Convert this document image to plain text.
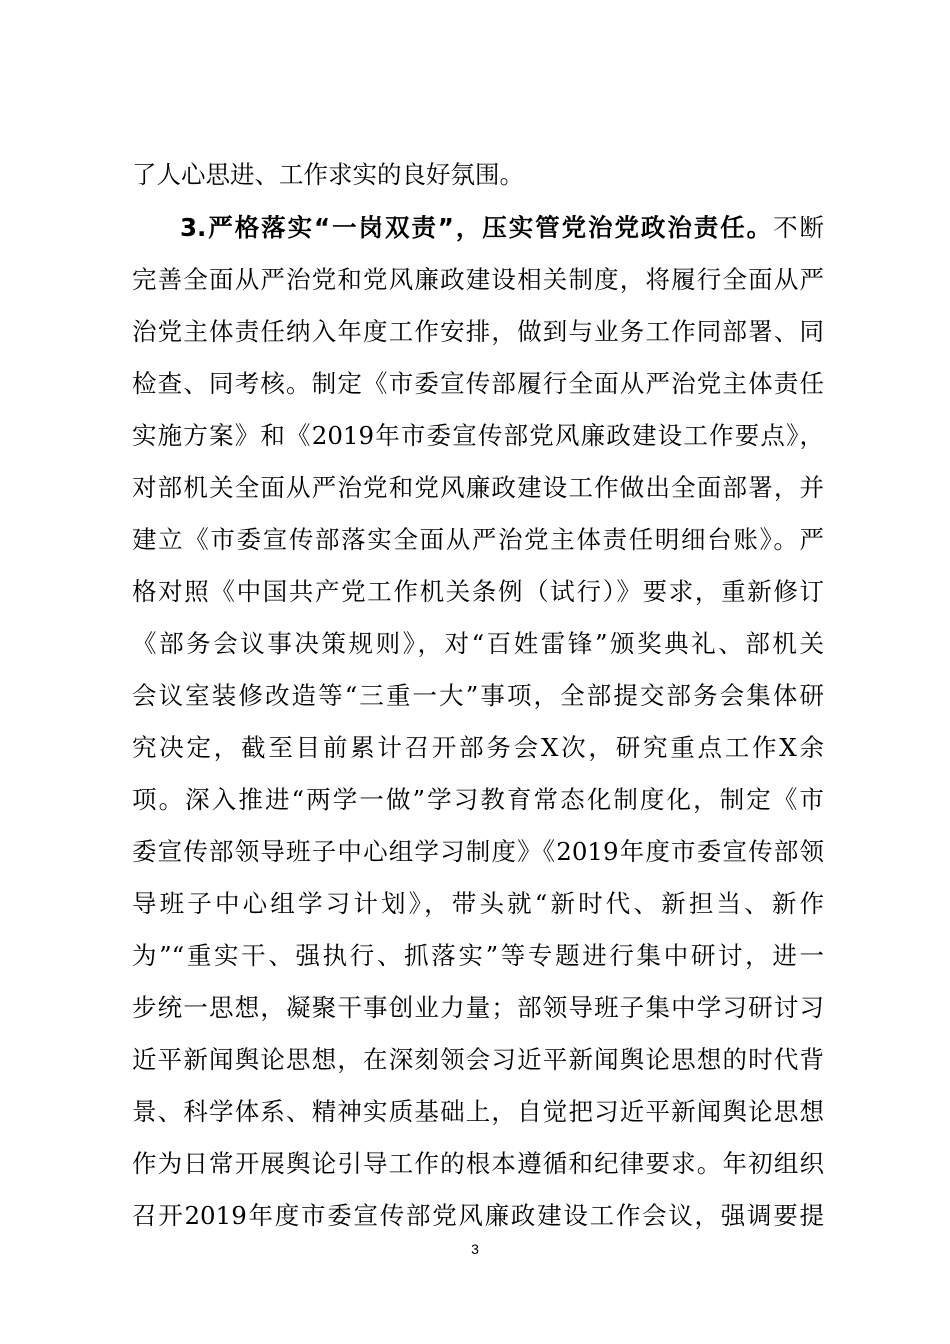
了人心思进、工作求实的良好氛围。
3.严格落实“一岗双责”，压实管党治党政治责任。不断
完善全面从严治党和党风廉政建设相关制度，将履行全面从严
治党主体责任纳入年度工作安排，做到与业务工作同部署、同
检查、同考核。制定《市委宣传部履行全面从严治党主体责任
实施方案》和《2019年市委宣传部党风廉政建设工作要点》，
对部机关全面从严治党和党风廉政建设工作做出全面部署，并
建立《市委宣传部落实全面从严治党主体责任明细台账》。严
格对照《中国共产党工作机关条例（试行）》要求，重新修订
《部务会议事决策规则》，对“百姓雷锋”颁奖典礼、部机关
会议室装修改造等“三重一大”事项，全部提交部务会集体研
究决定，截至目前累计召开部务会X次，研究重点工作X余
项。深入推进“两学一做”学习教育常态化制度化，制定《市
委宣传部领导班子中心组学习制度》《2019年度市委宣传部领
导班子中心组学习计划》，带头就“新时代、新担当、新作
为”“重实干、强执行、抓落实”等专题进行集中研讨，进一
步统一思想，凝聚干事创业力量；部领导班子集中学习研讨习
近平新闻舆论思想，在深刻领会习近平新闻舆论思想的时代背
景、科学体系、精神实质基础上，自觉把习近平新闻舆论思想
作为日常开展舆论引导工作的根本遵循和纪律要求。年初组织
召开2019年度市委宣传部党风廉政建设工作会议，强调要提
3
